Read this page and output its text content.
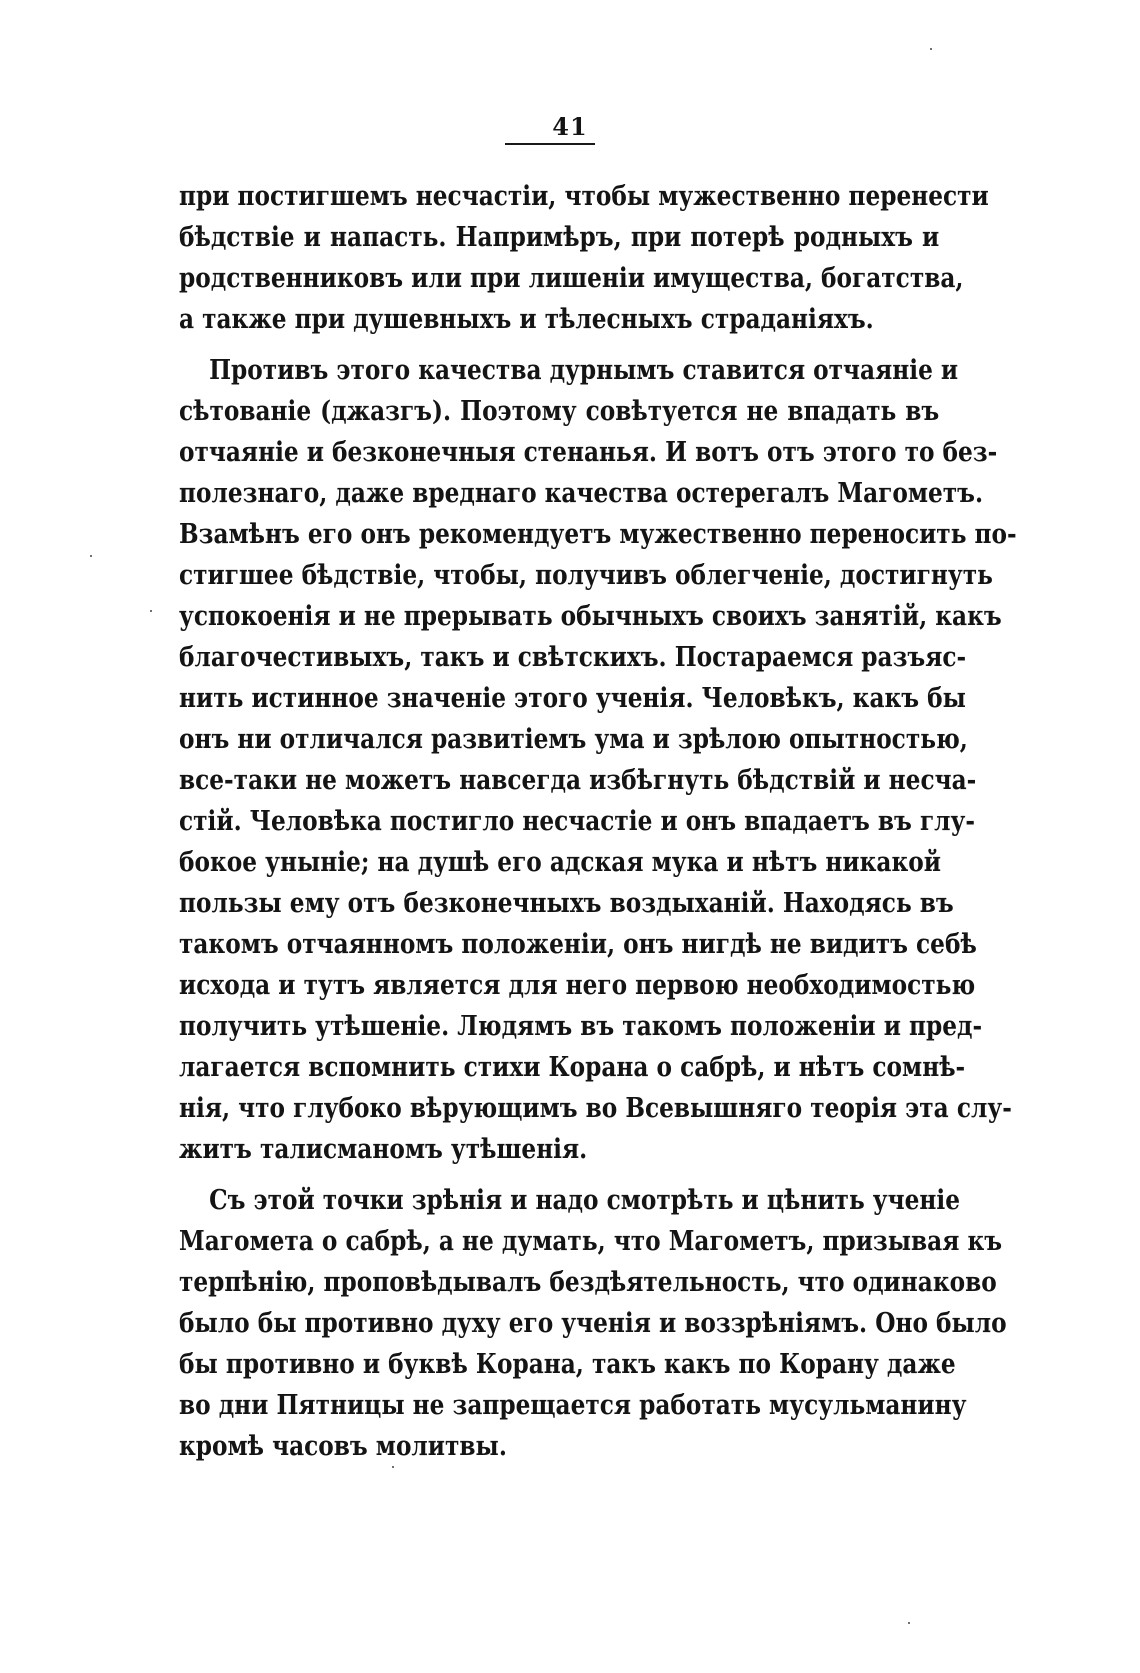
41
при постигшемъ несчастіи, чтобы мужественно перенести
бѣдствіе и напасть. Напримѣръ, при потерѣ родныхъ и
родственниковъ или при лишеніи имущества, богатства,
а также при душевныхъ и тѣлесныхъ страданіяхъ.
Противъ этого качества дурнымъ ставится отчаяніе и
сѣтованіе (джазгъ). Поэтому совѣтуется не впадать въ
отчаяніе и безконечныя стенанья. И вотъ отъ этого то без-
полезнаго, даже вреднаго качества остерегалъ Магометъ.
Взамѣнъ его онъ рекомендуетъ мужественно переносить по-
стигшее бѣдствіе, чтобы, получивъ облегченіе, достигнуть
успокоенія и не прерывать обычныхъ своихъ занятій, какъ
благочестивыхъ, такъ и свѣтскихъ. Постараемся разъяс-
нить истинное значеніе этого ученія. Человѣкъ, какъ бы
онъ ни отличался развитіемъ ума и зрѣлою опытностью,
все-таки не можетъ навсегда избѣгнуть бѣдствій и несча-
стій. Человѣка постигло несчастіе и онъ впадаетъ въ глу-
бокое уныніе; на душѣ его адская мука и нѣтъ никакой
пользы ему отъ безконечныхъ воздыханій. Находясь въ
такомъ отчаянномъ положеніи, онъ нигдѣ не видитъ себѣ
исхода и тутъ является для него первою необходимостью
получить утѣшеніе. Людямъ въ такомъ положеніи и пред-
лагается вспомнить стихи Корана о сабрѣ, и нѣтъ сомнѣ-
нія, что глубоко вѣрующимъ во Всевышняго теорія эта слу-
житъ талисманомъ утѣшенія.
Съ этой точки зрѣнія и надо смотрѣть и цѣнить ученіе
Магомета о сабрѣ, а не думать, что Магометъ, призывая къ
терпѣнію, проповѣдывалъ бездѣятельность, что одинаково
было бы противно духу его ученія и воззрѣніямъ. Оно было
бы противно и буквѣ Корана, такъ какъ по Корану даже
во дни Пятницы не запрещается работать мусульманину
кромѣ часовъ молитвы.
